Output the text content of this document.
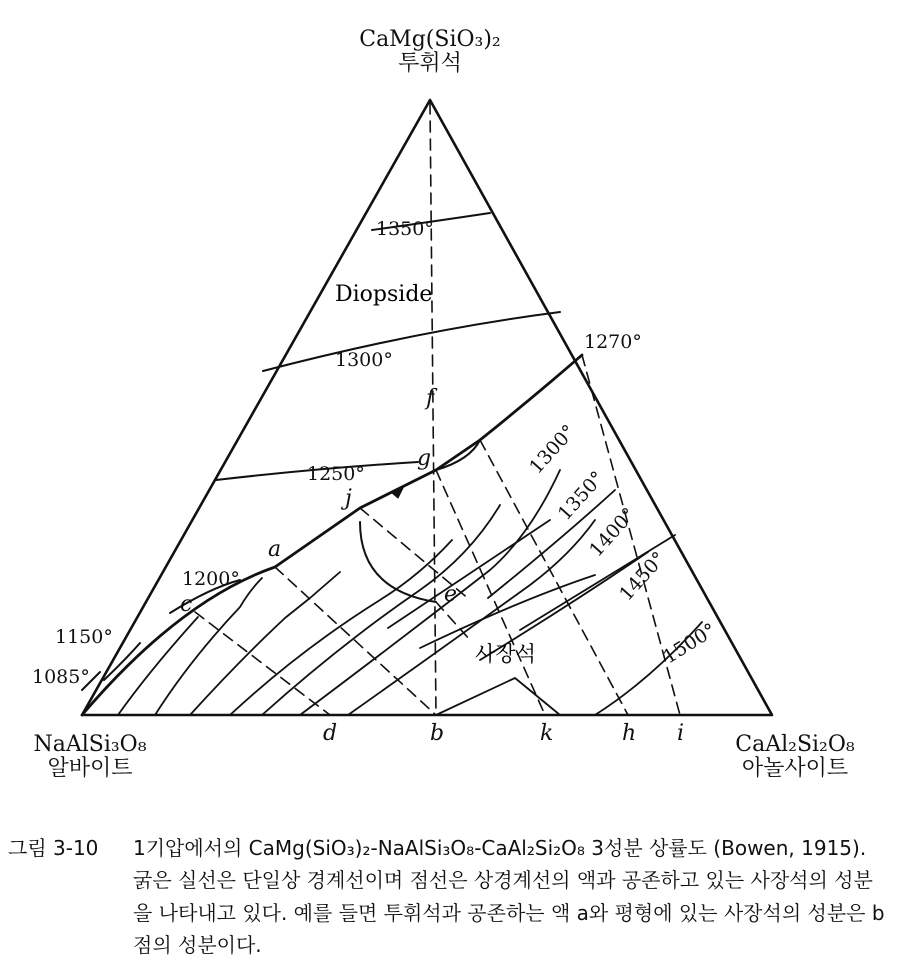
CaMg(SiO₃)₂
투휘석
NaAlSi₃O₈
알바이트
CaAl₂Si₂O₈
아놀사이트
1350°
1300°
1270°
1250°
1200°
1150°
1085°
1300°
1350°
1400°
1450°
1500°
Diopside
사장석
a
c
j
g
f
e
d	b	k	h i
그림 3-10	1기압에서의 CaMg(SiO₃)₂-NaAlSi₃O₈-CaAl₂Si₂O₈ 3성분 상률도 (Bowen, 1915). 굵은 실선은 단일상 경계선이며 점선은 상경계선의 액과 공존하고 있는 사장석의 성분을 나타내고 있다. 예를 들면 투휘석과 공존하는 액 a와 평형에 있는 사장석의 성분은 b점의 성분이다.
